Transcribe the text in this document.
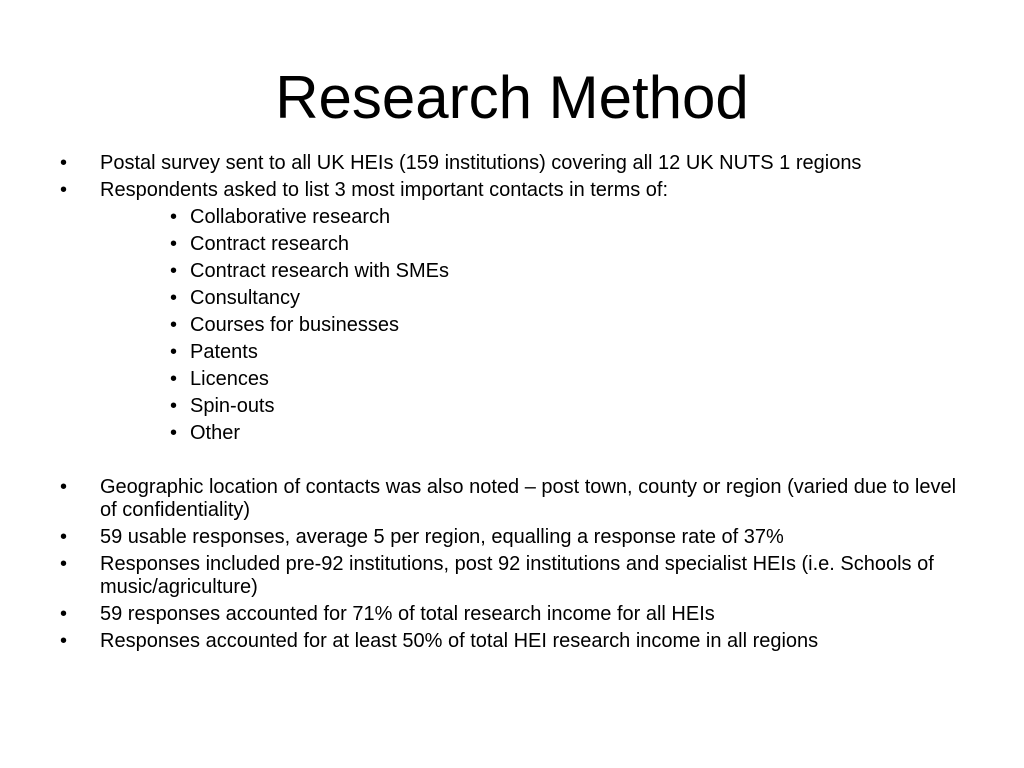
Research Method
• Postal survey sent to all UK HEIs (159 institutions) covering all 12 UK NUTS 1 regions
• Respondents asked to list 3 most important contacts in terms of:
• Collaborative research
• Contract research
• Contract research with SMEs
• Consultancy
• Courses for businesses
• Patents
• Licences
• Spin-outs
• Other
• Geographic location of contacts was also noted – post town, county or region (varied due to level of confidentiality)
• 59 usable responses, average 5 per region, equalling a response rate of 37%
• Responses included pre-92 institutions, post 92 institutions and specialist HEIs (i.e. Schools of music/agriculture)
• 59 responses accounted for 71% of total research income for all HEIs
• Responses accounted for at least 50% of total HEI research income in all regions
